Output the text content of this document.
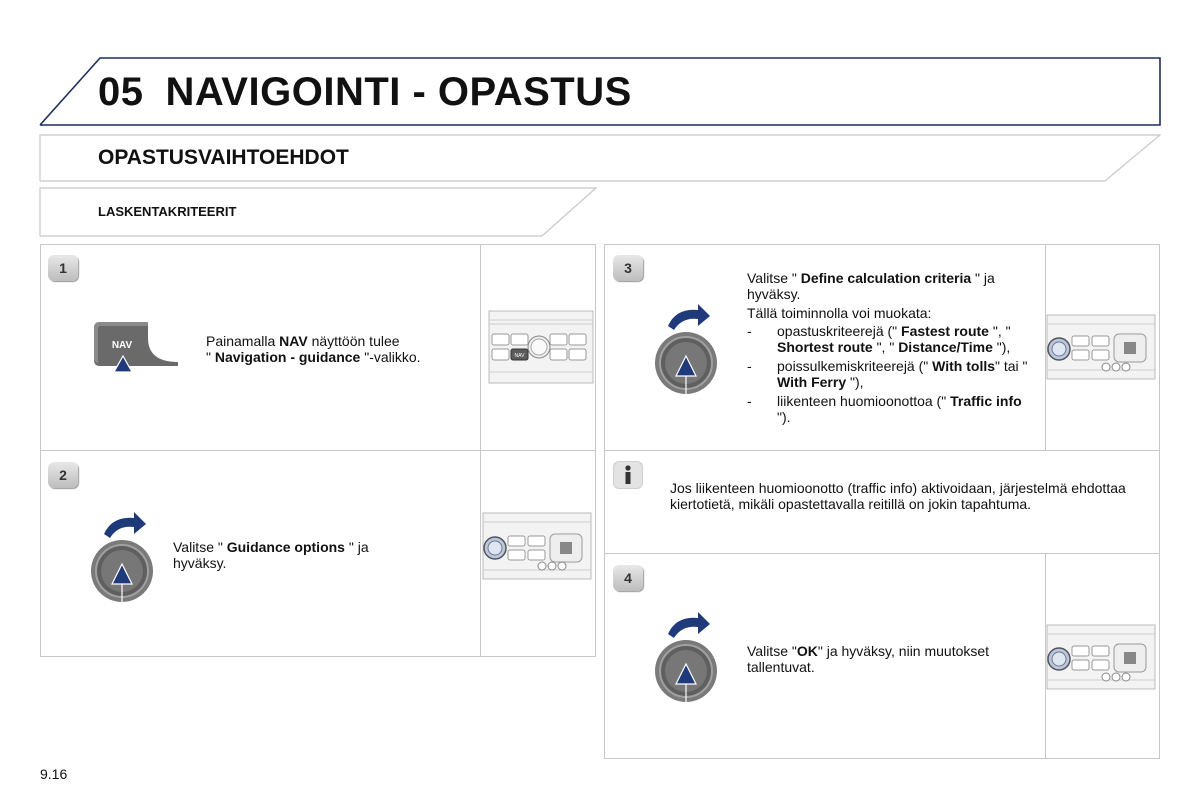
05 NAVIGOINTI - OPASTUS
OPASTUSVAIHTOEHDOT
LASKENTAKRITEERIT
1
NAV	Painamalla NAV näyttöön tulee
" Navigation - guidance "-valikko.	NAV
2
Valitse " Guidance options " ja
hyväksy.
3
Valitse " Define calculation criteria " ja
hyväksy.
Tällä toiminnolla voi muokata:
- opastuskriteerejä (" Fastest route ", " Shortest route ", " Distance/Time "),
- poissulkemiskriteerejä (" With tolls" tai " With Ferry "),
- liikenteen huomioonottoa (" Traffic info ").
Jos liikenteen huomioonotto (traffic info) aktivoidaan, järjestelmä ehdottaa kiertotietä, mikäli opastettavalla reitillä on jokin tapahtuma.
4
Valitse "OK" ja hyväksy, niin muutokset
tallentuvat.
9.16
